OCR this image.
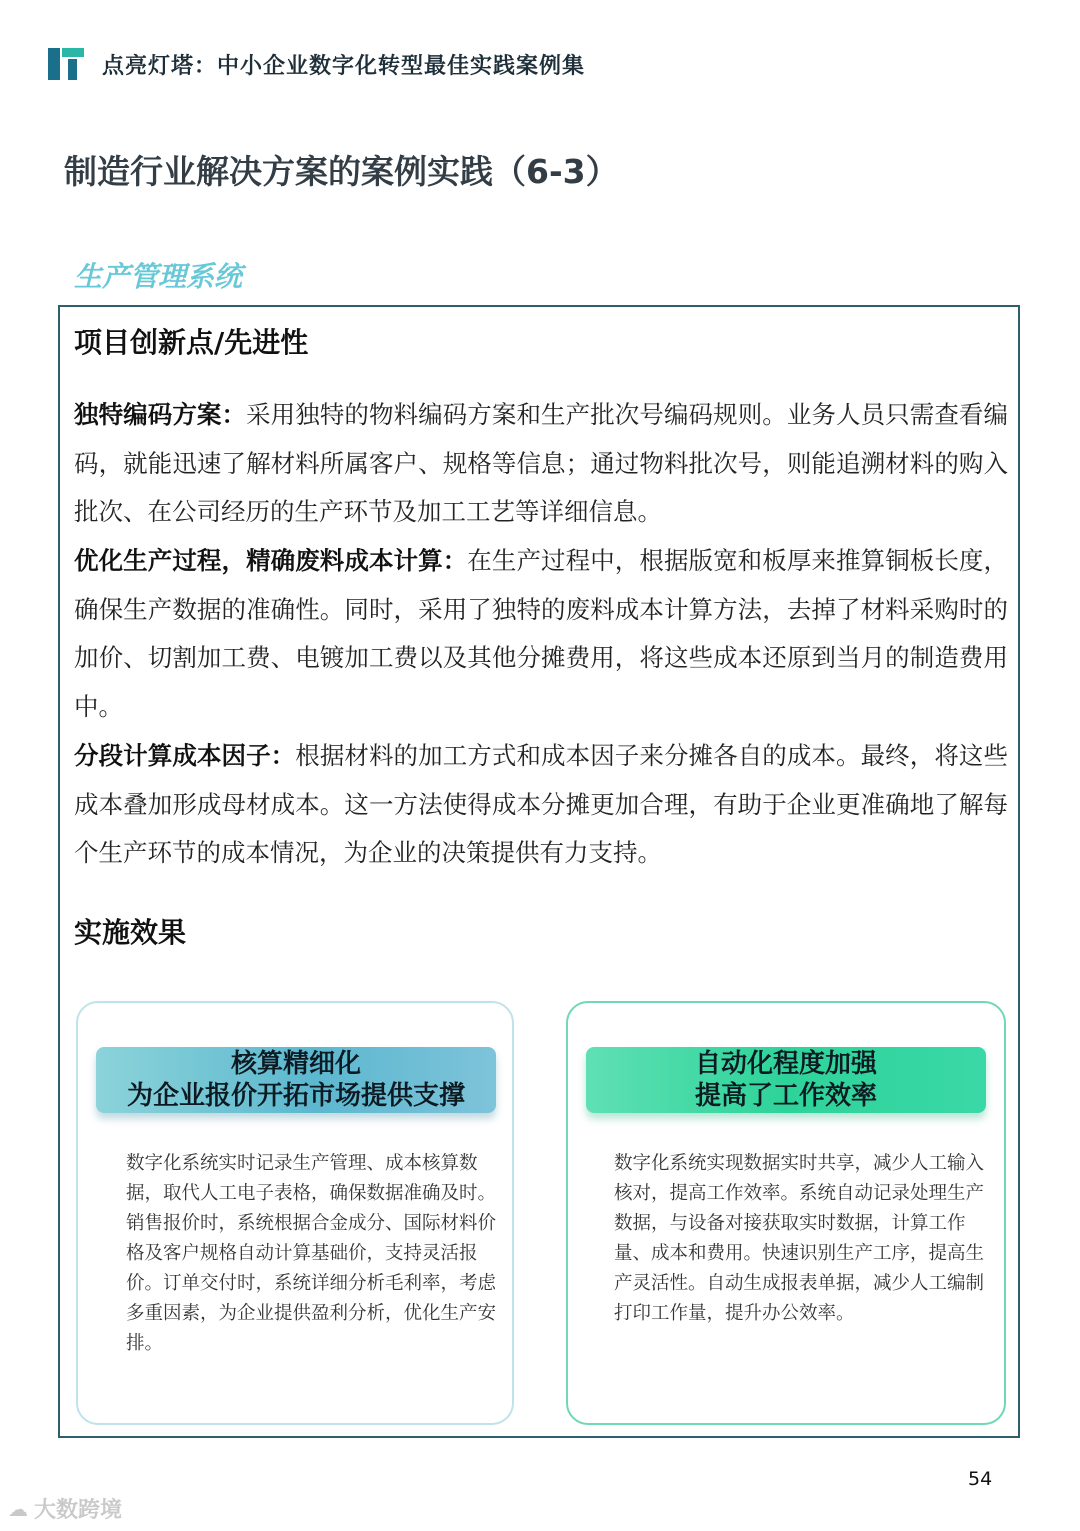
点亮灯塔：中小企业数字化转型最佳实践案例集
制造行业解决方案的案例实践（6-3）
生产管理系统
项目创新点/先进性
独特编码方案：采用独特的物料编码方案和生产批次号编码规则。业务人员只需查看编码，就能迅速了解材料所属客户、规格等信息；通过物料批次号，则能追溯材料的购入批次、在公司经历的生产环节及加工工艺等详细信息。
优化生产过程，精确废料成本计算：在生产过程中，根据版宽和板厚来推算铜板长度，确保生产数据的准确性。同时，采用了独特的废料成本计算方法，去掉了材料采购时的加价、切割加工费、电镀加工费以及其他分摊费用，将这些成本还原到当月的制造费用中。
分段计算成本因子：根据材料的加工方式和成本因子来分摊各自的成本。最终，将这些成本叠加形成母材成本。这一方法使得成本分摊更加合理，有助于企业更准确地了解每个生产环节的成本情况，为企业的决策提供有力支持。
实施效果
核算精细化
为企业报价开拓市场提供支撑
数字化系统实时记录生产管理、成本核算数据，取代人工电子表格，确保数据准确及时。销售报价时，系统根据合金成分、国际材料价格及客户规格自动计算基础价，支持灵活报价。订单交付时，系统详细分析毛利率，考虑多重因素，为企业提供盈利分析，优化生产安排。
自动化程度加强
提高了工作效率
数字化系统实现数据实时共享，减少人工输入核对，提高工作效率。系统自动记录处理生产数据，与设备对接获取实时数据，计算工作量、成本和费用。快速识别生产工序，提高生产灵活性。自动生成报表单据，减少人工编制打印工作量，提升办公效率。
54
☁ 大数跨境
